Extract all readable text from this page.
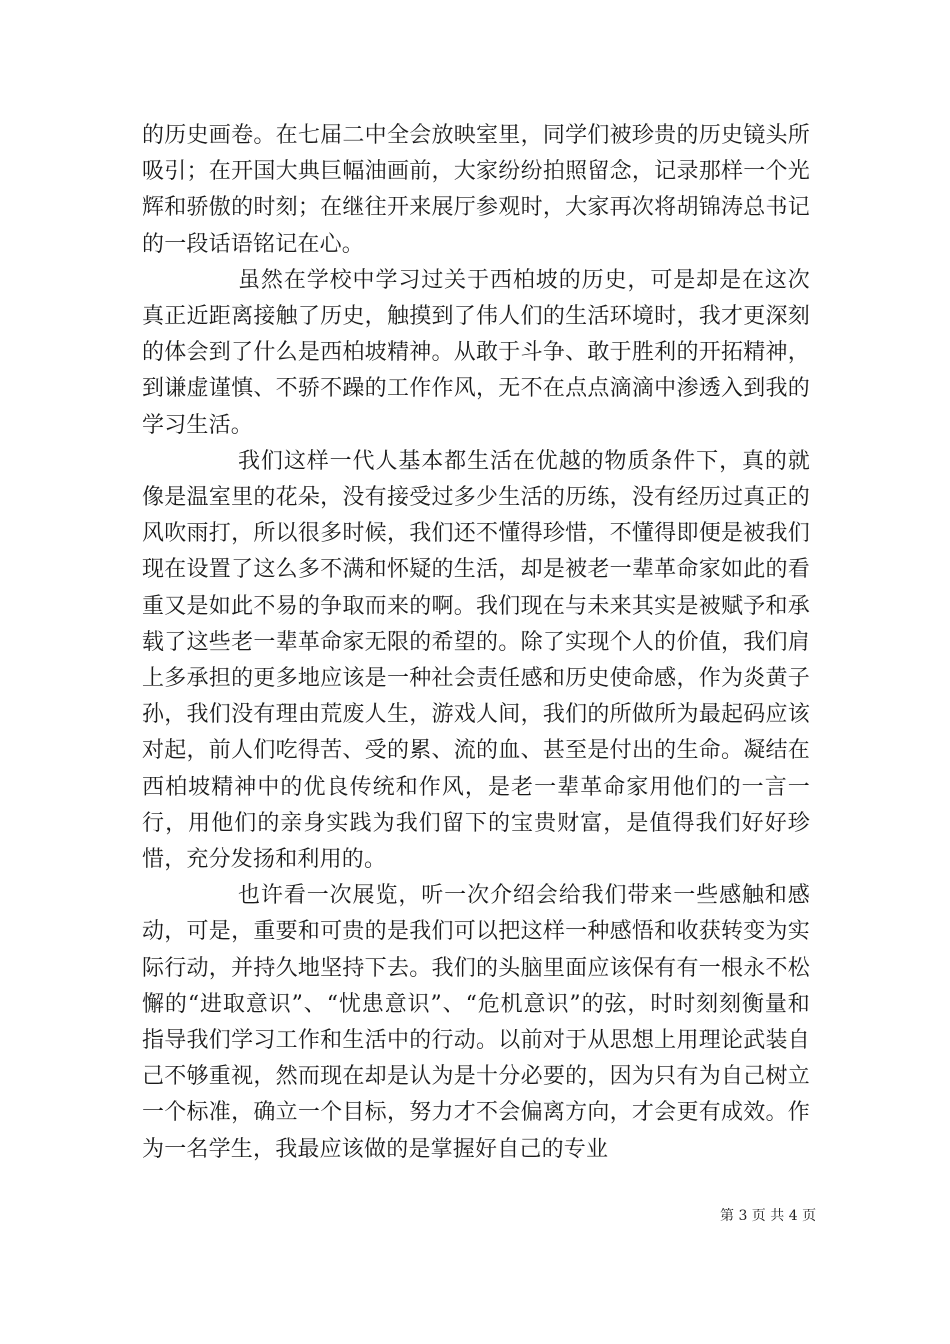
的历史画卷。在七届二中全会放映室里，同学们被珍贵的历史镜头所吸引；在开国大典巨幅油画前，大家纷纷拍照留念，记录那样一个光辉和骄傲的时刻；在继往开来展厅参观时，大家再次将胡锦涛总书记的一段话语铭记在心。

虽然在学校中学习过关于西柏坡的历史，可是却是在这次真正近距离接触了历史，触摸到了伟人们的生活环境时，我才更深刻的体会到了什么是西柏坡精神。从敢于斗争、敢于胜利的开拓精神，到谦虚谨慎、不骄不躁的工作作风，无不在点点滴滴中渗透入到我的学习生活。

我们这样一代人基本都生活在优越的物质条件下，真的就像是温室里的花朵，没有接受过多少生活的历练，没有经历过真正的风吹雨打，所以很多时候，我们还不懂得珍惜，不懂得即便是被我们现在设置了这么多不满和怀疑的生活，却是被老一辈革命家如此的看重又是如此不易的争取而来的啊。我们现在与未来其实是被赋予和承载了这些老一辈革命家无限的希望的。除了实现个人的价值，我们肩上多承担的更多地应该是一种社会责任感和历史使命感，作为炎黄子孙，我们没有理由荒废人生，游戏人间，我们的所做所为最起码应该对起，前人们吃得苦、受的累、流的血、甚至是付出的生命。凝结在西柏坡精神中的优良传统和作风，是老一辈革命家用他们的一言一行，用他们的亲身实践为我们留下的宝贵财富，是值得我们好好珍惜，充分发扬和利用的。

也许看一次展览，听一次介绍会给我们带来一些感触和感动，可是，重要和可贵的是我们可以把这样一种感悟和收获转变为实际行动，并持久地坚持下去。我们的头脑里面应该保有有一根永不松懈的“进取意识”、“忧患意识”、“危机意识”的弦，时时刻刻衡量和指导我们学习工作和生活中的行动。以前对于从思想上用理论武装自己不够重视，然而现在却是认为是十分必要的，因为只有为自己树立一个标准，确立一个目标，努力才不会偏离方向，才会更有成效。作为一名学生，我最应该做的是掌握好自己的专业

第 3 页 共 4 页
